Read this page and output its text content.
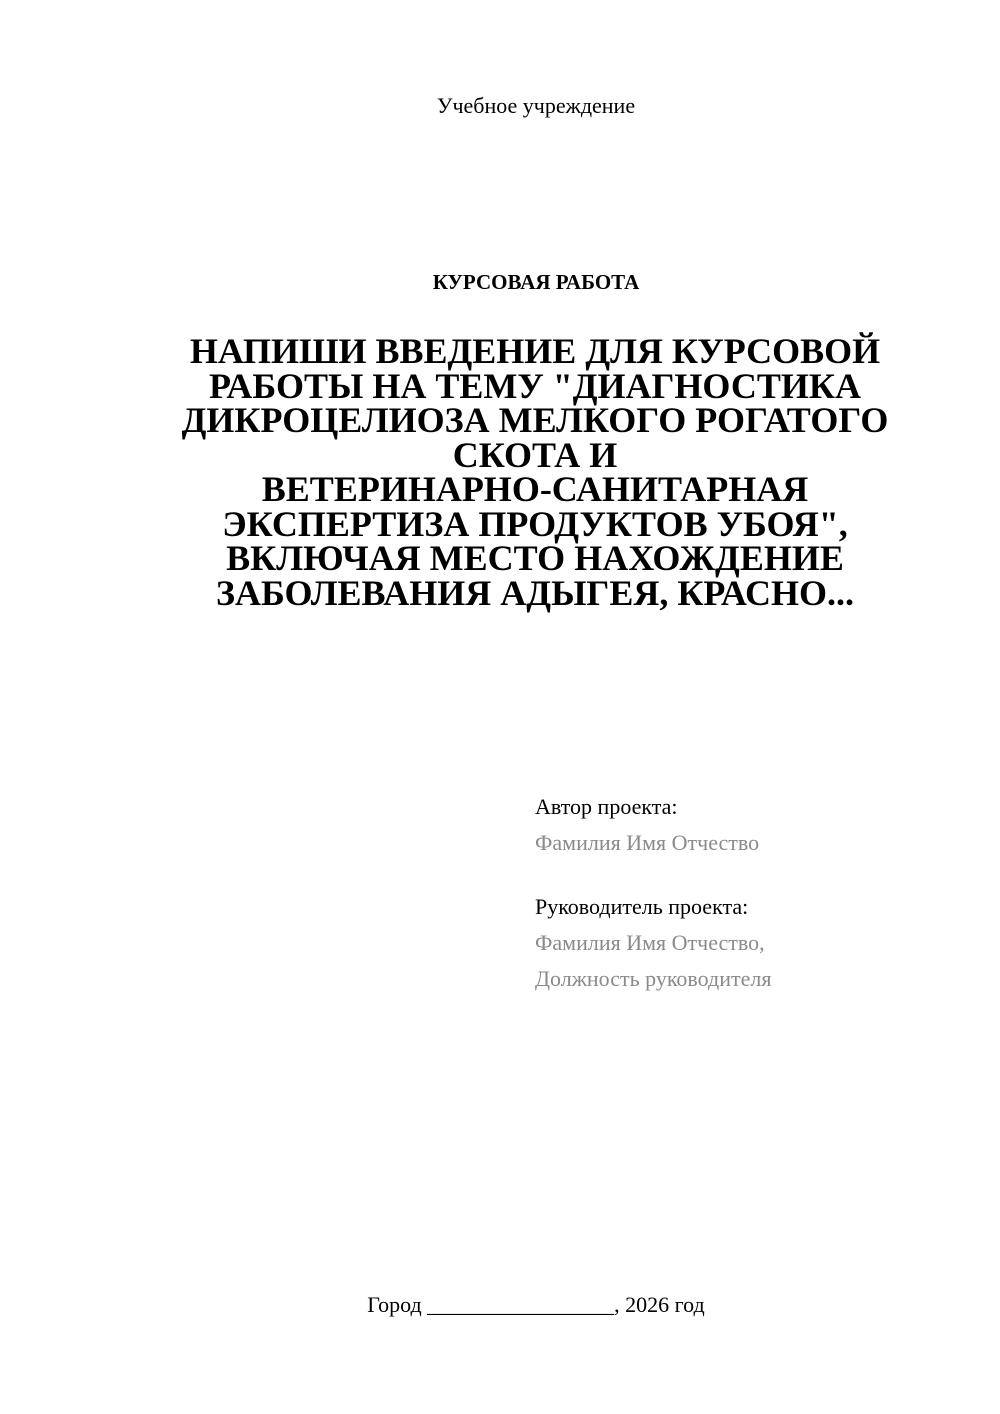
Учебное учреждение
КУРСОВАЯ РАБОТА
НАПИШИ ВВЕДЕНИЕ ДЛЯ КУРСОВОЙ
РАБОТЫ НА ТЕМУ "ДИАГНОСТИКА
ДИКРОЦЕЛИОЗА МЕЛКОГО РОГАТОГО
СКОТА И
ВЕТЕРИНАРНО-САНИТАРНАЯ
ЭКСПЕРТИЗА ПРОДУКТОВ УБОЯ",
ВКЛЮЧАЯ МЕСТО НАХОЖДЕНИЕ
ЗАБОЛЕВАНИЯ АДЫГЕЯ, КРАСНО...
Автор проекта:
Фамилия Имя Отчество
Руководитель проекта:
Фамилия Имя Отчество,
Должность руководителя
Город _________________, 2026 год
